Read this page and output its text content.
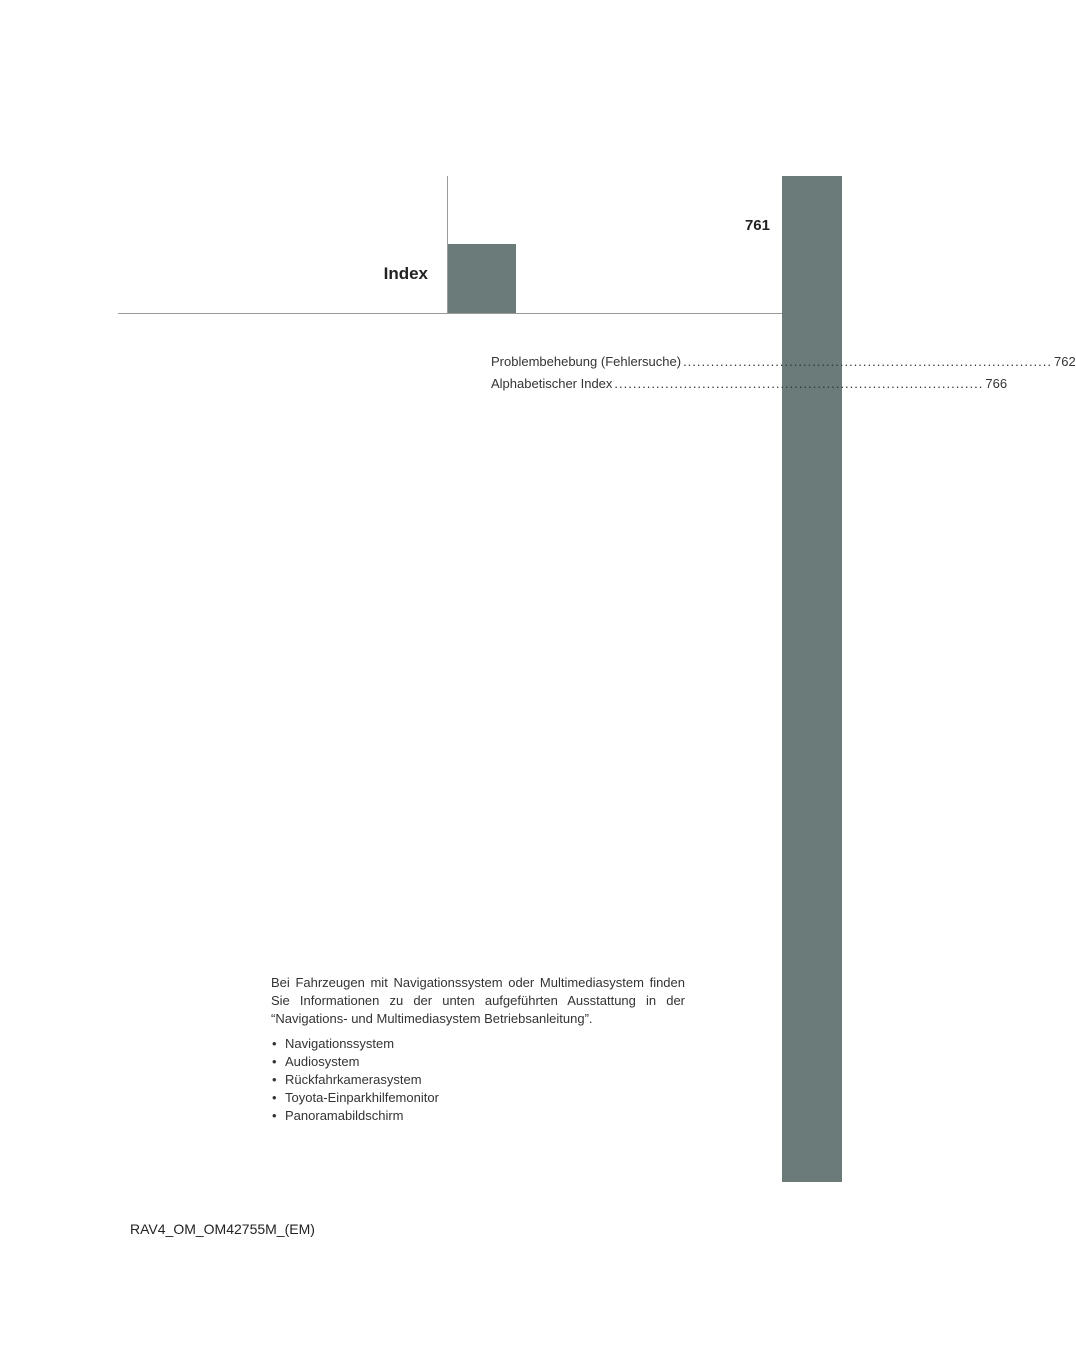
761
Index
Problembehebung (Fehlersuche) ................................................................................ 762
Alphabetischer Index ................................................................................ 766

Bei Fahrzeugen mit Navigationssystem oder Multimediasystem finden Sie Informationen zu der unten aufgeführten Ausstattung in der “Navigations- und Multimediasystem Betriebsanleitung”.

• Navigationssystem
• Audiosystem
• Rückfahrkamerasystem
• Toyota-Einparkhilfemonitor
• Panoramabildschirm
RAV4_OM_OM42755M_(EM)
